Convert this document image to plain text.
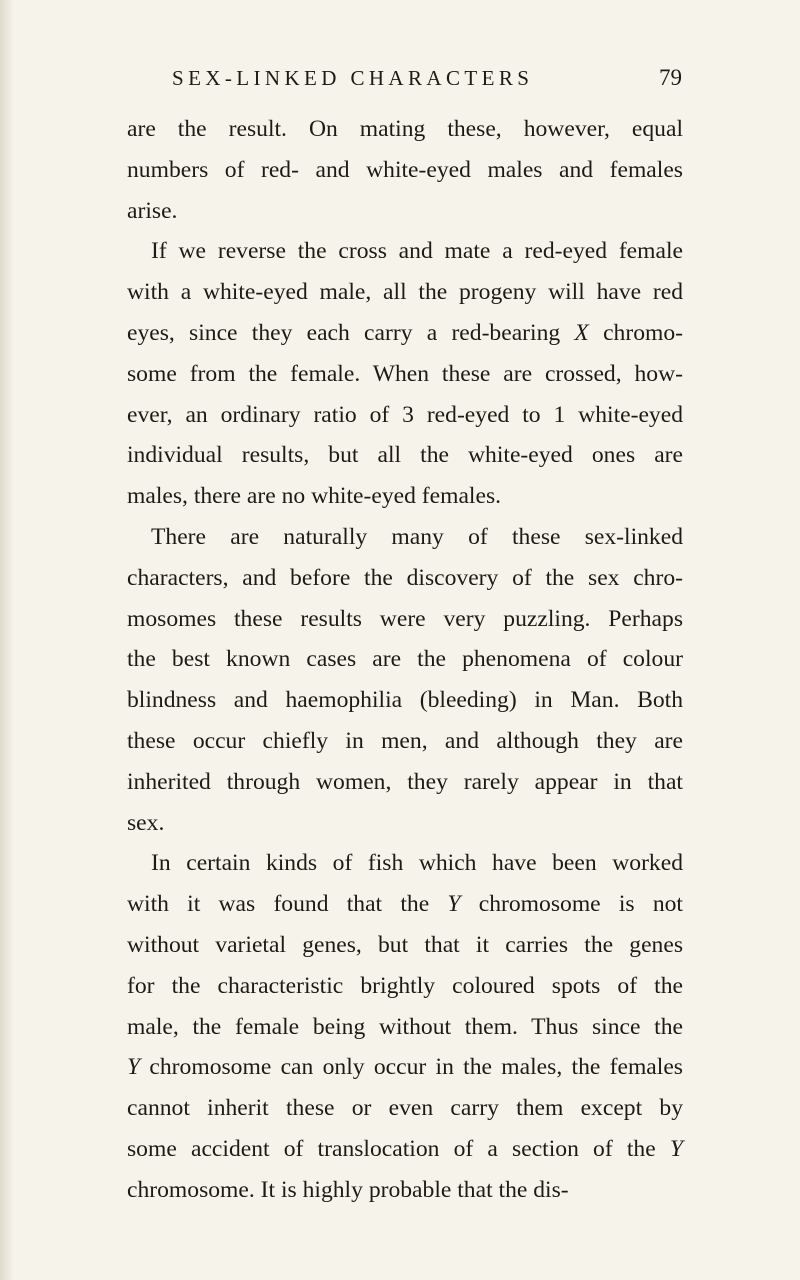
SEX-LINKED CHARACTERS	79
are the result. On mating these, however, equal
numbers of red- and white-eyed males and females
arise.
If we reverse the cross and mate a red-eyed female
with a white-eyed male, all the progeny will have red
eyes, since they each carry a red-bearing X chromo-
some from the female. When these are crossed, how-
ever, an ordinary ratio of 3 red-eyed to 1 white-eyed
individual results, but all the white-eyed ones are
males, there are no white-eyed females.
There are naturally many of these sex-linked
characters, and before the discovery of the sex chro-
mosomes these results were very puzzling. Perhaps
the best known cases are the phenomena of colour
blindness and haemophilia (bleeding) in Man. Both
these occur chiefly in men, and although they are
inherited through women, they rarely appear in that
sex.
In certain kinds of fish which have been worked
with it was found that the Y chromosome is not
without varietal genes, but that it carries the genes
for the characteristic brightly coloured spots of the
male, the female being without them. Thus since the
Y chromosome can only occur in the males, the females
cannot inherit these or even carry them except by
some accident of translocation of a section of the Y
chromosome. It is highly probable that the dis-
